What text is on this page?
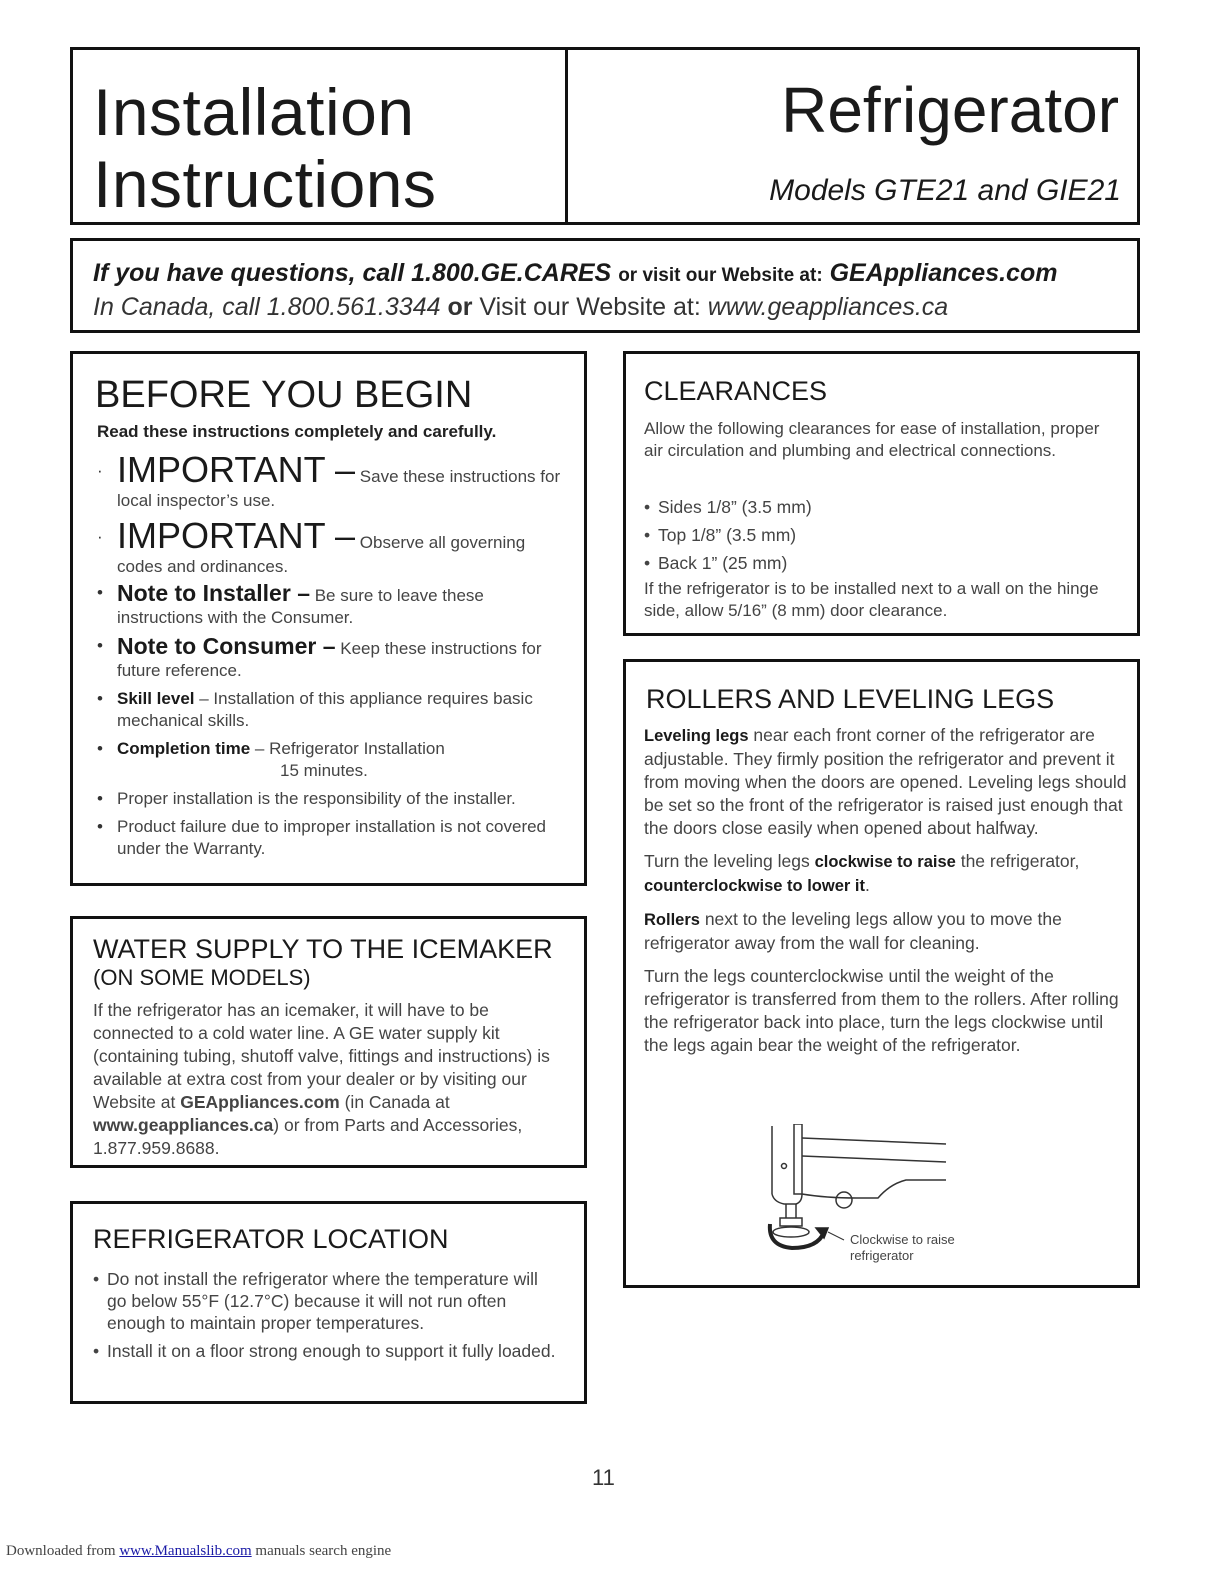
Installation
Instructions
Refrigerator
Models GTE21 and GIE21
If you have questions, call 1.800.GE.CARES or visit our Website at: GEAppliances.com
In Canada, call 1.800.561.3344 or Visit our Website at: www.geappliances.ca
BEFORE YOU BEGIN
Read these instructions completely and carefully.
· IMPORTANT – Save these instructions for local inspector’s use.
· IMPORTANT – Observe all governing codes and ordinances.
• Note to Installer – Be sure to leave these instructions with the Consumer.
• Note to Consumer – Keep these instructions for future reference.
• Skill level – Installation of this appliance requires basic mechanical skills.
• Completion time – Refrigerator Installation
15 minutes.
• Proper installation is the responsibility of the installer.
• Product failure due to improper installation is not covered under the Warranty.
WATER SUPPLY TO THE ICEMAKER
(ON SOME MODELS)

If the refrigerator has an icemaker, it will have to be connected to a cold water line. A GE water supply kit (containing tubing, shutoff valve, fittings and instructions) is available at extra cost from your dealer or by visiting our Website at GEAppliances.com (in Canada at www.geappliances.ca) or from Parts and Accessories, 1.877.959.8688.

REFRIGERATOR LOCATION
• Do not install the refrigerator where the temperature will go below 55°F (12.7°C) because it will not run often enough to maintain proper temperatures.
• Install it on a floor strong enough to support it fully loaded.
CLEARANCES

Allow the following clearances for ease of installation, proper air circulation and plumbing and electrical connections.

• Sides 1/8” (3.5 mm)
• Top 1/8” (3.5 mm)
• Back 1” (25 mm)

If the refrigerator is to be installed next to a wall on the hinge side, allow 5/16” (8 mm) door clearance.

ROLLERS AND LEVELING LEGS

Leveling legs near each front corner of the refrigerator are adjustable. They firmly position the refrigerator and prevent it from moving when the doors are opened. Leveling legs should be set so the front of the refrigerator is raised just enough that the doors close easily when opened about halfway.

Turn the leveling legs clockwise to raise the refrigerator, counterclockwise to lower it.

Rollers next to the leveling legs allow you to move the refrigerator away from the wall for cleaning.

Turn the legs counterclockwise until the weight of the refrigerator is transferred from them to the rollers. After rolling the refrigerator back into place, turn the legs clockwise until the legs again bear the weight of the refrigerator.

Clockwise to raise refrigerator
11
Downloaded from www.Manualslib.com manuals search engine
